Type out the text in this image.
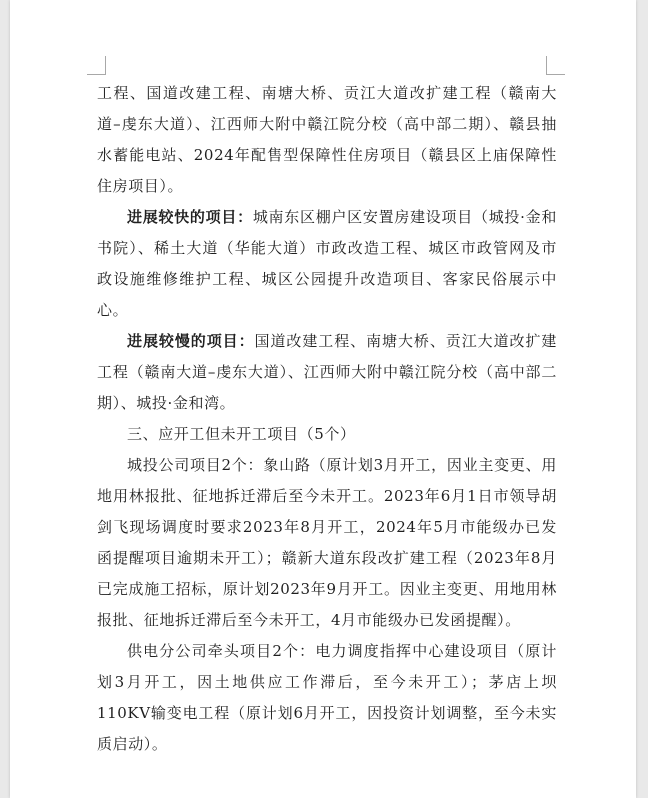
工程、国道改建工程、南塘大桥、贡江大道改扩建工程（赣南大道–虔东大道）、江西师大附中赣江院分校（高中部二期）、赣县抽水蓄能电站、2024年配售型保障性住房项目（赣县区上庙保障性住房项目）。

进展较快的项目：城南东区棚户区安置房建设项目（城投·金和书院）、稀土大道（华能大道）市政改造工程、城区市政管网及市政设施维修维护工程、城区公园提升改造项目、客家民俗展示中心。

进展较慢的项目：国道改建工程、南塘大桥、贡江大道改扩建工程（赣南大道–虔东大道）、江西师大附中赣江院分校（高中部二期）、城投·金和湾。

三、应开工但未开工项目（5个）

城投公司项目2个：象山路（原计划3月开工，因业主变更、用地用林报批、征地拆迁滞后至今未开工。2023年6月1日市领导胡剑飞现场调度时要求2023年8月开工，2024年5月市能级办已发函提醒项目逾期未开工）；赣新大道东段改扩建工程（2023年8月已完成施工招标，原计划2023年9月开工。因业主变更、用地用林报批、征地拆迁滞后至今未开工，4月市能级办已发函提醒）。

供电分公司牵头项目2个：电力调度指挥中心建设项目（原计划3月开工，因土地供应工作滞后，至今未开工）；茅店上坝110KV输变电工程（原计划6月开工，因投资计划调整，至今未实质启动）。
